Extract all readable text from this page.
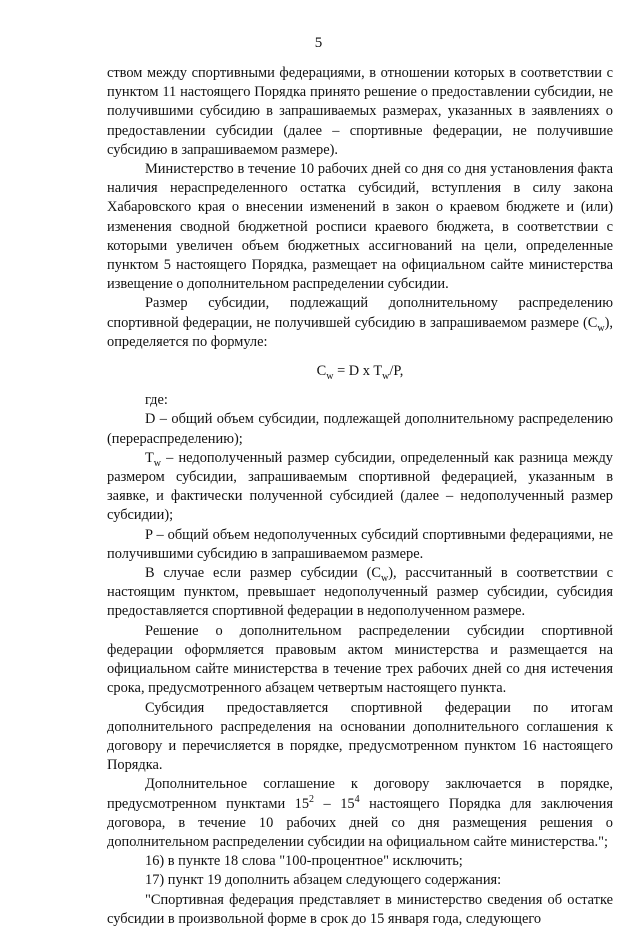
5

ством между спортивными федерациями, в отношении которых в соответствии с пунктом 11 настоящего Порядка принято решение о предоставлении субсидии, не получившими субсидию в запрашиваемых размерах, указанных в заявлениях о предоставлении субсидии (далее – спортивные федерации, не получившие субсидию в запрашиваемом размере).

Министерство в течение 10 рабочих дней со дня со дня установления факта наличия нераспределенного остатка субсидий, вступления в силу закона Хабаровского края о внесении изменений в закон о краевом бюджете и (или) изменения сводной бюджетной росписи краевого бюджета, в соответствии с которыми увеличен объем бюджетных ассигнований на цели, определенные пунктом 5 настоящего Порядка, размещает на официальном сайте министерства извещение о дополнительном распределении субсидии.

Размер субсидии, подлежащий дополнительному распределению спортивной федерации, не получившей субсидию в запрашиваемом размере $(C_w)$, определяется по формуле:

$C_w = D$ x $T_w/P$,

где:

D – общий объем субсидии, подлежащей дополнительному распределению (перераспределению);

$T_w$ – недополученный размер субсидии, определенный как разница между размером субсидии, запрашиваемым спортивной федерацией, указанным в заявке, и фактически полученной субсидией (далее – недополученный размер субсидии);

P – общий объем недополученных субсидий спортивными федерациями, не получившими субсидию в запрашиваемом размере.

В случае если размер субсидии $(C_w)$, рассчитанный в соответствии с настоящим пунктом, превышает недополученный размер субсидии, субсидия предоставляется спортивной федерации в недополученном размере.

Решение о дополнительном распределении субсидии спортивной федерации оформляется правовым актом министерства и размещается на официальном сайте министерства в течение трех рабочих дней со дня истечения срока, предусмотренного абзацем четвертым настоящего пункта.

Субсидия предоставляется спортивной федерации по итогам дополнительного распределения на основании дополнительного соглашения к договору и перечисляется в порядке, предусмотренном пунктом 16 настоящего Порядка.

Дополнительное соглашение к договору заключается в порядке, предусмотренном пунктами $15^2 - 15^4$ настоящего Порядка для заключения договора, в течение 10 рабочих дней со дня размещения решения о дополнительном распределении субсидии на официальном сайте министерства.";

16) в пункте 18 слова "100-процентное" исключить;

17) пункт 19 дополнить абзацем следующего содержания:

"Спортивная федерация представляет в министерство сведения об остатке субсидии в произвольной форме в срок до 15 января года, следующего
